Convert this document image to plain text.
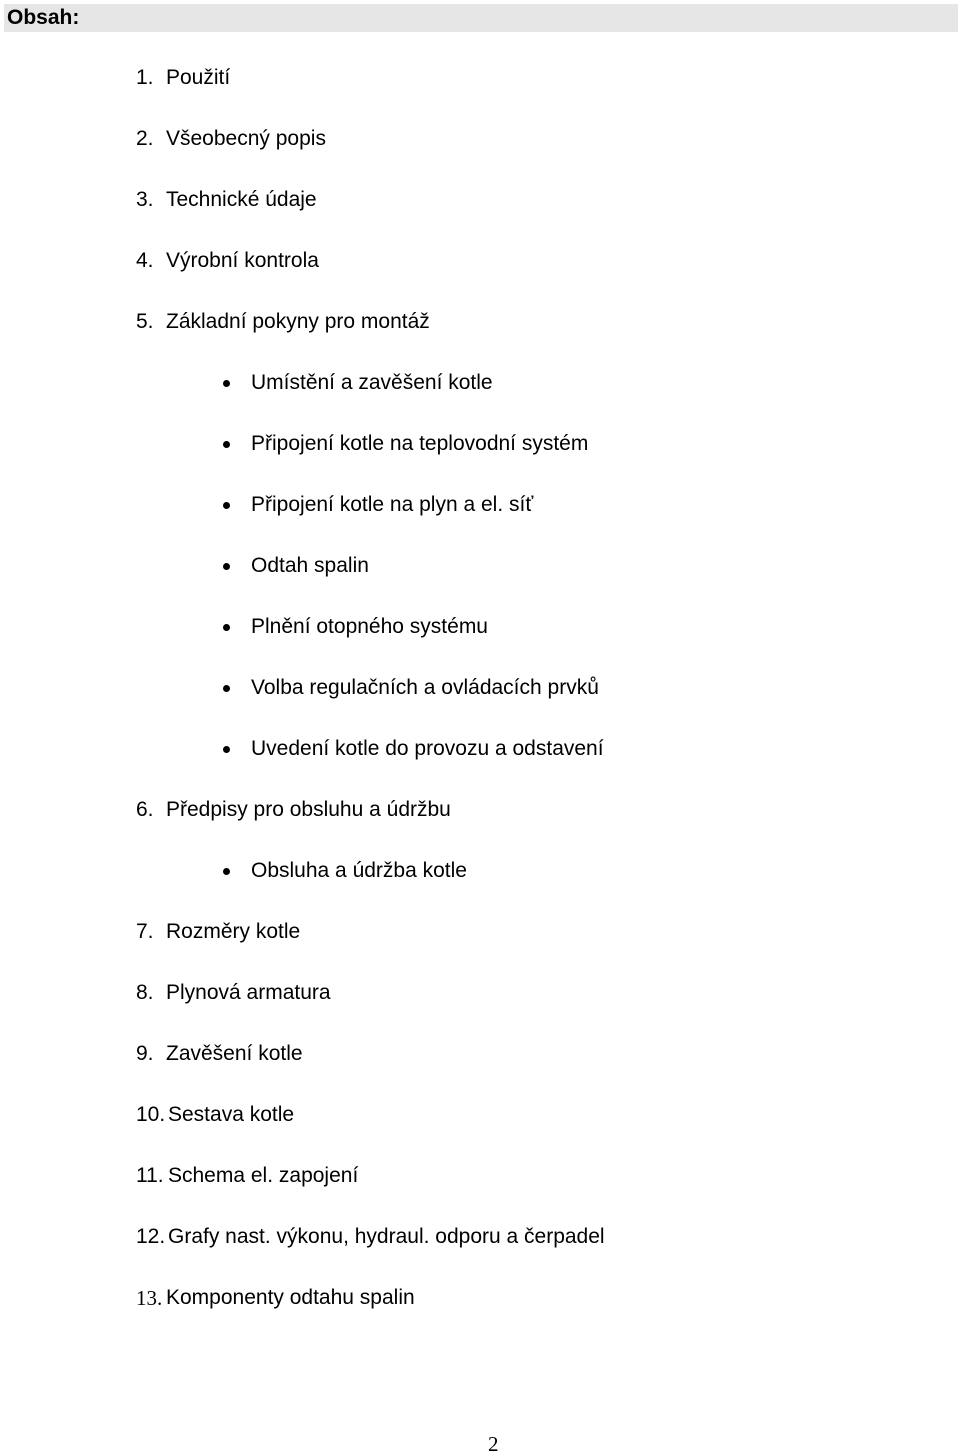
Obsah:
1. Použití
2. Všeobecný popis
3. Technické údaje
4. Výrobní kontrola
5. Základní pokyny pro montáž
Umístění a zavěšení kotle
Připojení kotle na teplovodní systém
Připojení kotle na plyn a el. síť
Odtah spalin
Plnění otopného systému
Volba regulačních a ovládacích prvků
Uvedení kotle do provozu a odstavení
6. Předpisy pro obsluhu a údržbu
Obsluha a údržba kotle
7. Rozměry kotle
8. Plynová armatura
9. Zavěšení kotle
10. Sestava kotle
11. Schema el. zapojení
12. Grafy nast. výkonu, hydraul. odporu a čerpadel
13. Komponenty odtahu spalin
2
